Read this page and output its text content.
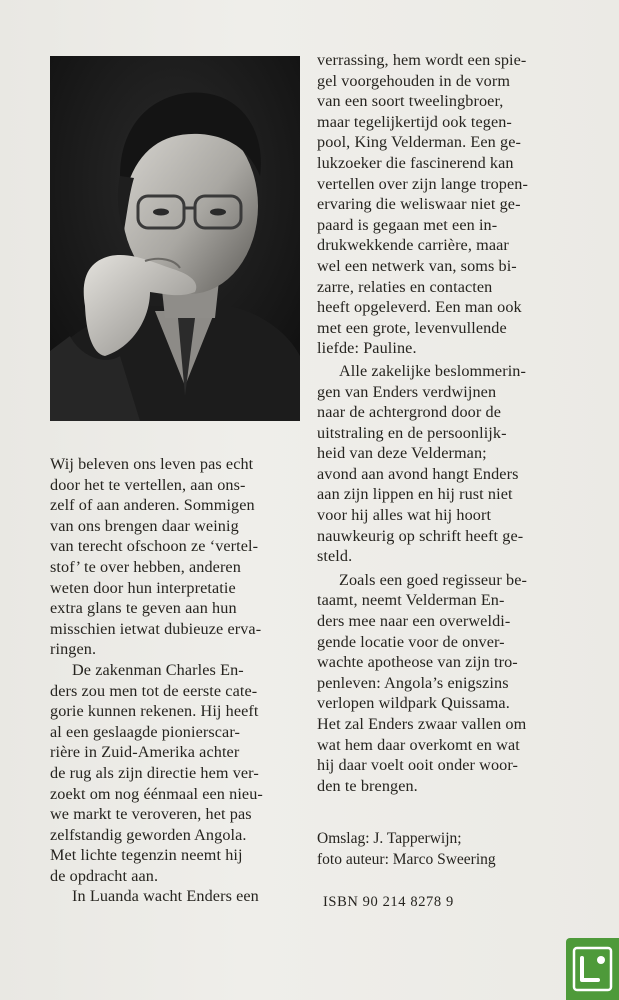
Wij beleven ons leven pas echt
door het te vertellen, aan ons-
zelf of aan anderen. Sommigen
van ons brengen daar weinig
van terecht ofschoon ze ‘vertel-
stof’ te over hebben, anderen
weten door hun interpretatie
extra glans te geven aan hun
misschien ietwat dubieuze erva-
ringen.
De zakenman Charles En-
ders zou men tot de eerste cate-
gorie kunnen rekenen. Hij heeft
al een geslaagde pionierscar-
rière in Zuid-Amerika achter
de rug als zijn directie hem ver-
zoekt om nog éénmaal een nieu-
we markt te veroveren, het pas
zelfstandig geworden Angola.
Met lichte tegenzin neemt hij
de opdracht aan.
In Luanda wacht Enders een
verrassing, hem wordt een spie-
gel voorgehouden in de vorm
van een soort tweelingbroer,
maar tegelijkertijd ook tegen-
pool, King Velderman. Een ge-
lukzoeker die fascinerend kan
vertellen over zijn lange tropen-
ervaring die weliswaar niet ge-
paard is gegaan met een in-
drukwekkende carrière, maar
wel een netwerk van, soms bi-
zarre, relaties en contacten
heeft opgeleverd. Een man ook
met een grote, levenvullende
liefde: Pauline.
Alle zakelijke beslommerin-
gen van Enders verdwijnen
naar de achtergrond door de
uitstraling en de persoonlijk-
heid van deze Velderman;
avond aan avond hangt Enders
aan zijn lippen en hij rust niet
voor hij alles wat hij hoort
nauwkeurig op schrift heeft ge-
steld.
Zoals een goed regisseur be-
taamt, neemt Velderman En-
ders mee naar een overweldi-
gende locatie voor de onver-
wachte apotheose van zijn tro-
penleven: Angola’s enigszins
verlopen wildpark Quissama.
Het zal Enders zwaar vallen om
wat hem daar overkomt en wat
hij daar voelt ooit onder woor-
den te brengen.
Omslag: J. Tapperwijn;
foto auteur: Marco Sweering
ISBN 90 214 8278 9
